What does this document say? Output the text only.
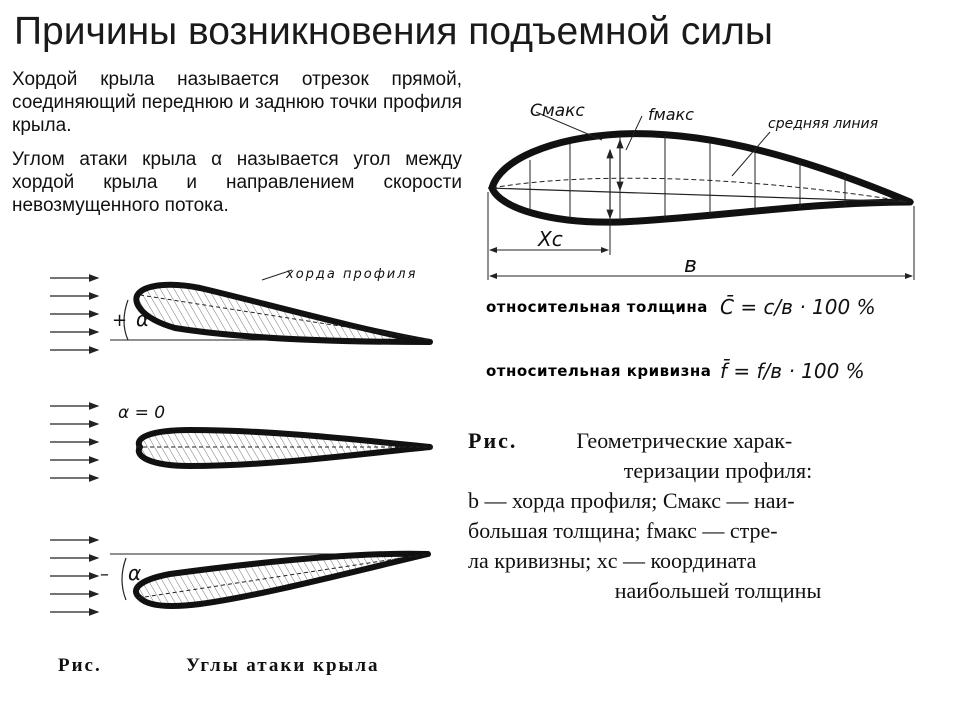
Причины возникновения подъемной силы
Хордой крыла называется отрезок прямой, соединяющий переднюю и заднюю точки профиля крыла.
Углом атаки крыла α называется угол между хордой крыла и направлением скорости невозмущенного потока.
хорда профиля
+ α
α = 0
– α
Рис.	Углы атаки крыла
Cмакс	fмакс	средняя линия
Xc
в
относительная толщина C̄ = c/в · 100 %
относительная кривизна f̄ = f/в · 100 %
Рис.	Геометрические харак-
теризации профиля:
b — хорда профиля; Cмакс — наи-
большая толщина; fмакс — стре-
ла кривизны; xс — координата
наибольшей толщины
